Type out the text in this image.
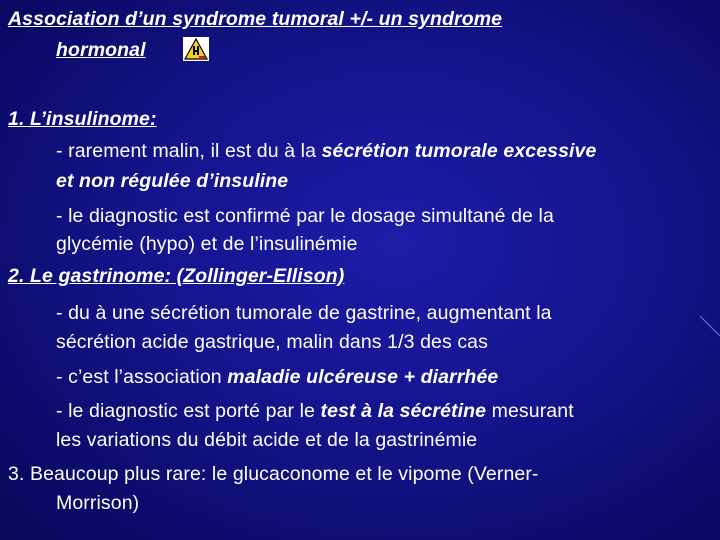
Association d’un syndrome tumoral +/- un syndrome
hormonal
1. L’insulinome:
- rarement malin, il est du à la sécrétion tumorale excessive
et non régulée d’insuline
- le diagnostic est confirmé par le dosage simultané de la
glycémie (hypo) et de l’insulinémie
2. Le gastrinome: (Zollinger-Ellison)
- du à une sécrétion tumorale de gastrine, augmentant la
sécrétion acide gastrique, malin dans 1/3 des cas
- c’est l’association maladie ulcéreuse + diarrhée
- le diagnostic est porté par le test à la sécrétine mesurant
les variations du débit acide et de la gastrinémie
3. Beaucoup plus rare: le glucaconome et le vipome (Verner-
Morrison)
